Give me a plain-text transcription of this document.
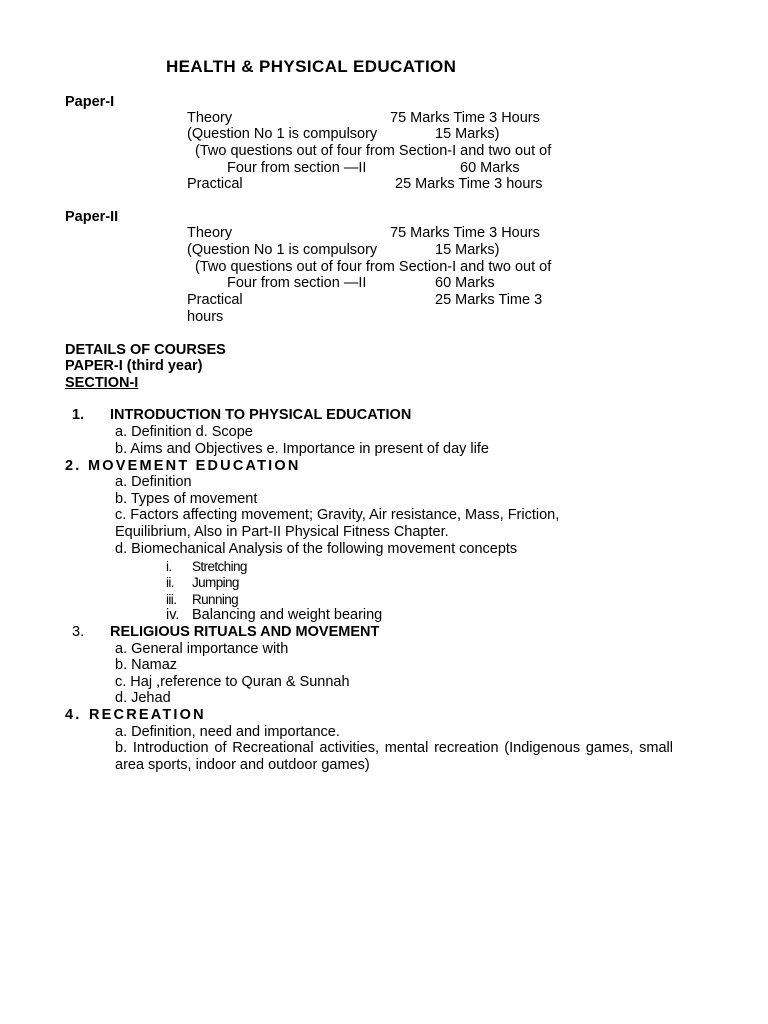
HEALTH & PHYSICAL EDUCATION
Paper-I
Theory	75 Marks Time 3 Hours
(Question No 1 is compulsory	15 Marks)
(Two questions out of four from Section-I and two out of
Four from section —II	60 Marks
Practical	25 Marks Time 3 hours
Paper-II
Theory	75 Marks Time 3 Hours
(Question No 1 is compulsory	15 Marks)
(Two questions out of four from Section-I and two out of
Four from section —II	60 Marks
Practical	25 Marks Time 3
hours
DETAILS OF COURSES
PAPER-I (third year)
SECTION-I
1. INTRODUCTION TO PHYSICAL EDUCATION
a. Definition d. Scope
b. Aims and Objectives e. Importance in present of day life
2. MOVEMENT EDUCATION
a. Definition
b. Types of movement
c. Factors affecting movement; Gravity, Air resistance, Mass, Friction,
Equilibrium, Also in Part-II Physical Fitness Chapter.
d. Biomechanical Analysis of the following movement concepts
i. Stretching
ii. Jumping
iii. Running
iv. Balancing and weight bearing
3. RELIGIOUS RITUALS AND MOVEMENT
a. General importance with
b. Namaz
c. Haj ,reference to Quran & Sunnah
d. Jehad
4. RECREATION
a. Definition, need and importance.
b. Introduction of Recreational activities, mental recreation (Indigenous games, small area sports, indoor and outdoor games)
